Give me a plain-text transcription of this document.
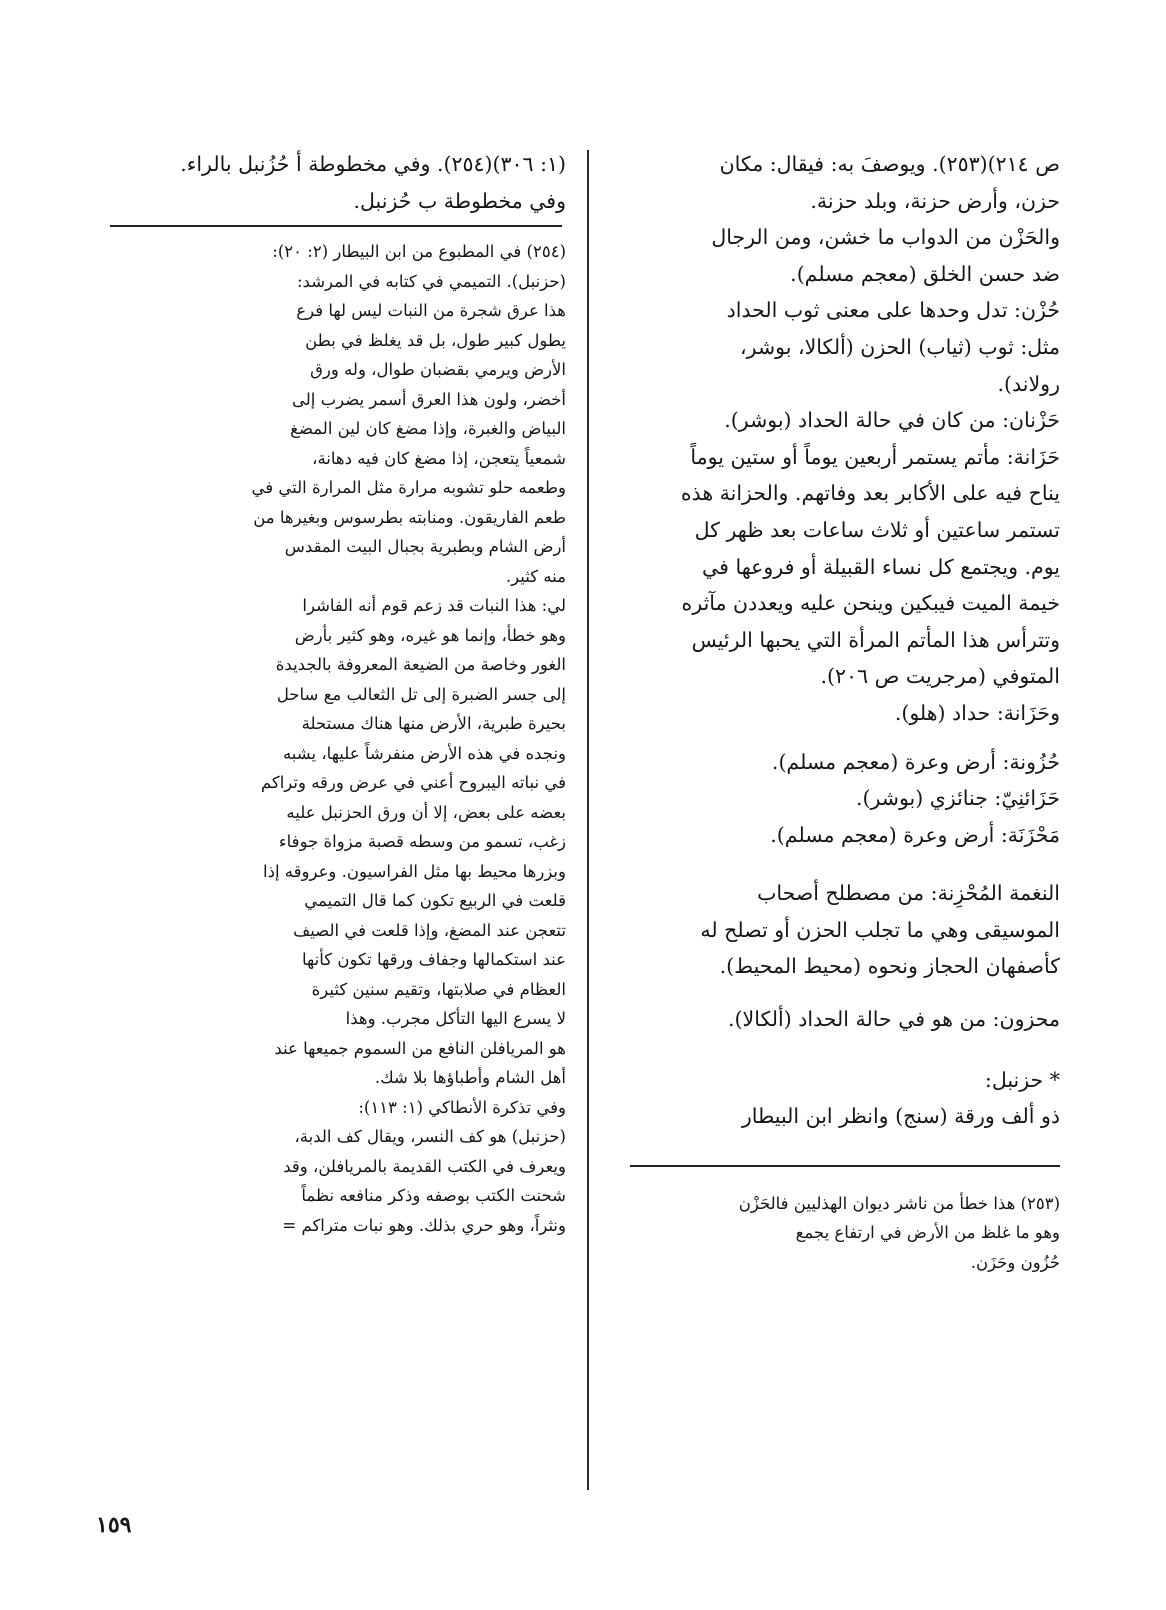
ص ٢١٤)(٢٥٣). ويوصفَ به: فيقال: مكان
حزن، وأرض حزنة، وبلد حزنة.
والحَزْن من الدواب ما خشن، ومن الرجال
ضد حسن الخلق (معجم مسلم).
حُزْن: تدل وحدها على معنى ثوب الحداد
مثل: ثوب (ثياب) الحزن (ألكالا، بوشر،
رولاند).
حَزْنان: من كان في حالة الحداد (بوشر).
حَزَانة: مأتم يستمر أربعين يوماً أو ستين يوماً
يناح فيه على الأكابر بعد وفاتهم. والحزانة هذه
تستمر ساعتين أو ثلاث ساعات بعد ظهر كل
يوم. ويجتمع كل نساء القبيلة أو فروعها في
خيمة الميت فيبكين وينحن عليه ويعددن مآثره
وتترأس هذا المأتم المرأة التي يحبها الرئيس
المتوفي (مرجريت ص ٢٠٦).
وحَزَانة: حداد (هلو).
حُزُونة: أرض وعرة (معجم مسلم).
حَزَائنِيّ: جنائزي (بوشر).
مَحْزَنَة: أرض وعرة (معجم مسلم).
النغمة المُحْزِنة: من مصطلح أصحاب
الموسيقى وهي ما تجلب الحزن أو تصلح له
كأصفهان الحجاز ونحوه (محيط المحيط).
محزون: من هو في حالة الحداد (ألكالا).
* حزنبل:
ذو ألف ورقة (سنج) وانظر ابن البيطار
(٢٥٣) هذا خطأ من ناشر ديوان الهذليين فالحَزْن
وهو ما غلظ من الأرض في ارتفاع يجمع
حُزُون وحَزَن.
(١: ٣٠٦)(٢٥٤). وفي مخطوطة أ حُزُنبل بالراء.
وفي مخطوطة ب حُزنبل.
(٢٥٤) في المطبوع من ابن البيطار (٢: ٢٠):
(حزنبل). التميمي في كتابه في المرشد:
هذا عرق شجرة من النبات ليس لها فرع
يطول كبير طول، بل قد يغلظ في بطن
الأرض ويرمي بقضبان طوال، وله ورق
أخضر، ولون هذا العرق أسمر يضرب إلى
البياض والغبرة، وإذا مضغ كان لين المضغ
شمعياً يتعجن، إذا مضغ كان فيه دهانة،
وطعمه حلو تشوبه مرارة مثل المرارة التي في
طعم الفاريقون. ومنابته بطرسوس وبغيرها من
أرض الشام وبطبرية بجبال البيت المقدس
منه كثير.
لي: هذا النبات قد زعم قوم أنه الفاشرا
وهو خطأ، وإنما هو غيره، وهو كثير بأرض
الغور وخاصة من الضيعة المعروفة بالجديدة
إلى جسر الضبرة إلى تل الثعالب مع ساحل
بحيرة طبرية، الأرض منها هناك مستحلة
ونجده في هذه الأرض منفرشاً عليها، يشبه
في نباته اليبروح أعني في عرض ورقه وتراكم
بعضه على بعض، إلا أن ورق الحزنبل عليه
زغب، تسمو من وسطه قصبة مزواة جوفاء
وبزرها محيط بها مثل الفراسيون. وعروقه إذا
قلعت في الربيع تكون كما قال التميمي
تتعجن عند المضغ، وإذا قلعت في الصيف
عند استكمالها وجفاف ورقها تكون كأنها
العظام في صلابتها، وتقيم سنين كثيرة
لا يسرع اليها التأكل مجرب. وهذا
هو المريافلن النافع من السموم جميعها عند
أهل الشام وأطباؤها بلا شك.
وفي تذكرة الأنطاكي (١: ١١٣):
(حزنبل) هو كف النسر، ويقال كف الدبة،
ويعرف في الكتب القديمة بالمريافلن، وقد
شحنت الكتب بوصفه وذكر منافعه نظماً
ونثراً، وهو حري بذلك. وهو نبات متراكم =
١٥٩
